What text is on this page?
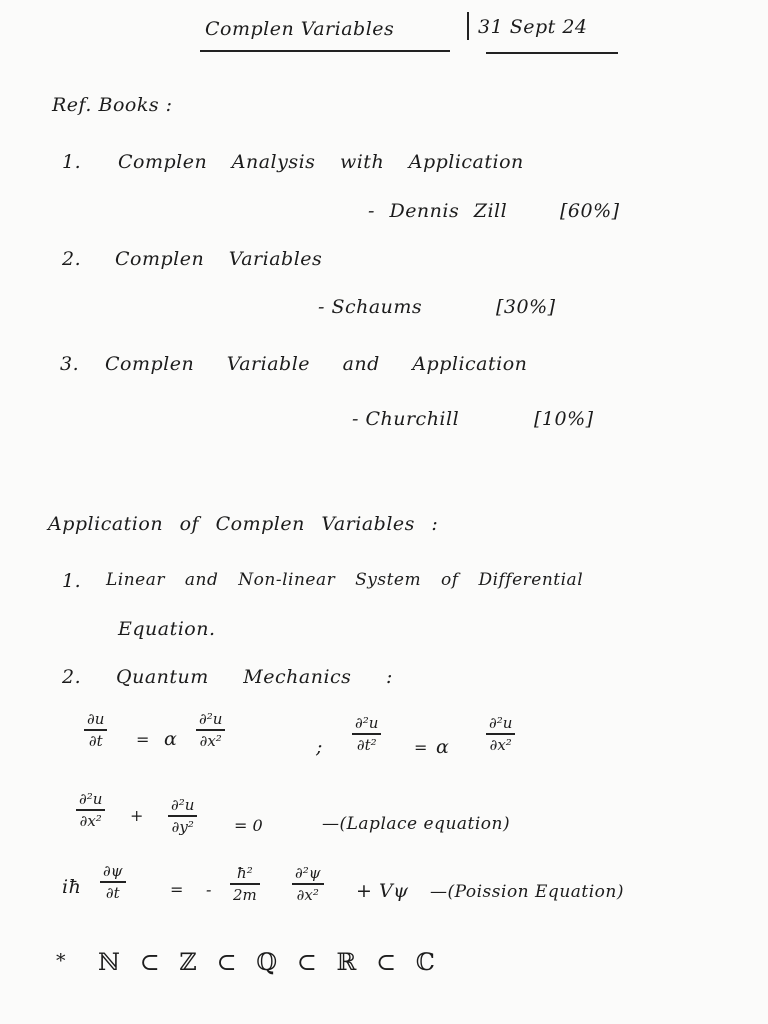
Complen Variables	31 Sept 24
Ref. Books :
1. Complen Analysis with Application
- Dennis Zill	[60%]
2. Complen Variables
- Schaums	[30%]
3. Complen Variable and Application
- Churchill	[10%]
Application of Complen Variables :
1. Linear and Non-linear System of Differential
Equation.
2. Quantum Mechanics :
∂u
∂t = α
∂²u
∂x²	;
∂²u
∂t² = α
∂²u
∂x²
∂²u
∂x² +
∂²u
∂y²	= 0	—(Laplace equation)
iħ
∂ψ
∂t	= -
ħ²
2m
∂²ψ
∂x² + Vψ —(Poission Equation)
* ℕ ⊂ ℤ ⊂ ℚ ⊂ ℝ ⊂ ℂ
